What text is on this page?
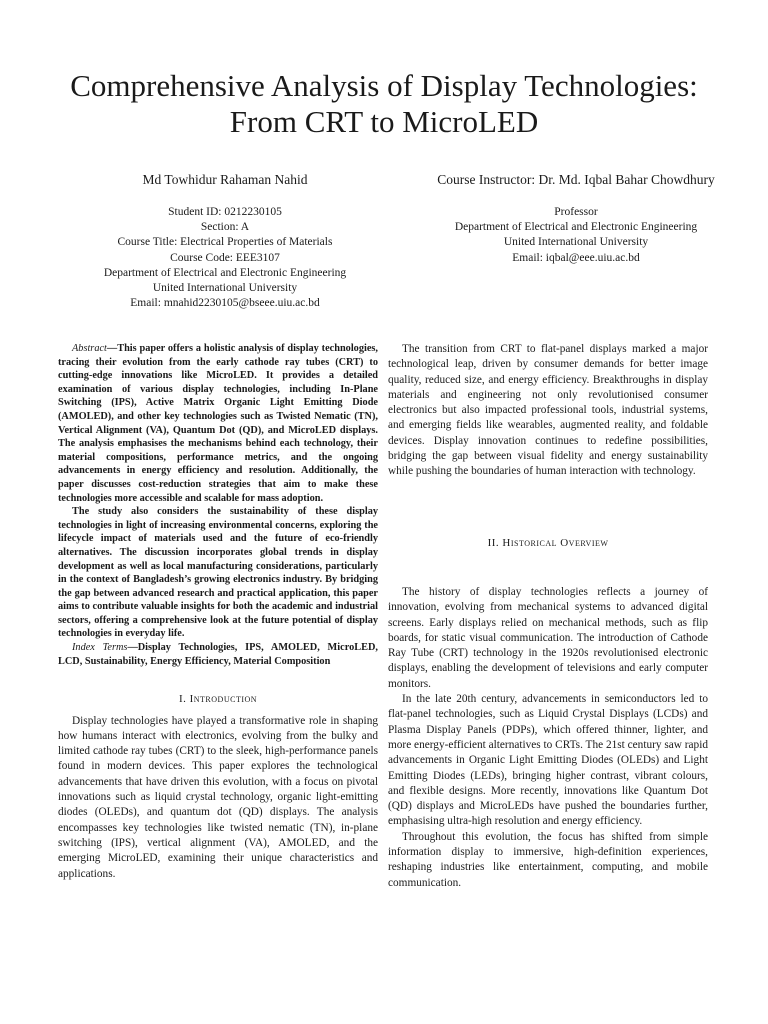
Comprehensive Analysis of Display Technologies:
From CRT to MicroLED
Md Towhidur Rahaman Nahid
Student ID: 0212230105
Section: A
Course Title: Electrical Properties of Materials
Course Code: EEE3107
Department of Electrical and Electronic Engineering
United International University
Email: mnahid2230105@bseee.uiu.ac.bd
Course Instructor: Dr. Md. Iqbal Bahar Chowdhury
Professor
Department of Electrical and Electronic Engineering
United International University
Email: iqbal@eee.uiu.ac.bd

Abstract—This paper offers a holistic analysis of display technologies, tracing their evolution from the early cathode ray tubes (CRT) to cutting-edge innovations like MicroLED. It provides a detailed examination of various display technologies, including In-Plane Switching (IPS), Active Matrix Organic Light Emitting Diode (AMOLED), and other key technologies such as Twisted Nematic (TN), Vertical Alignment (VA), Quantum Dot (QD), and MicroLED displays. The analysis emphasises the mechanisms behind each technology, their material compositions, performance metrics, and the ongoing advancements in energy efficiency and resolution. Additionally, the paper discusses cost-reduction strategies that aim to make these technologies more accessible and scalable for mass adoption.

The study also considers the sustainability of these display technologies in light of increasing environmental concerns, exploring the lifecycle impact of materials used and the future of eco-friendly alternatives. The discussion incorporates global trends in display development as well as local manufacturing considerations, particularly in the context of Bangladesh’s growing electronics industry. By bridging the gap between advanced research and practical application, this paper aims to contribute valuable insights for both the academic and industrial sectors, offering a comprehensive look at the future potential of display technologies in everyday life.

Index Terms—Display Technologies, IPS, AMOLED, MicroLED, LCD, Sustainability, Energy Efficiency, Material Composition

I. Introduction

Display technologies have played a transformative role in shaping how humans interact with electronics, evolving from the bulky and limited cathode ray tubes (CRT) to the sleek, high-performance panels found in modern devices. This paper explores the technological advancements that have driven this evolution, with a focus on pivotal innovations such as liquid crystal technology, organic light-emitting diodes (OLEDs), and quantum dot (QD) displays. The analysis encompasses key technologies like twisted nematic (TN), in-plane switching (IPS), vertical alignment (VA), AMOLED, and the emerging MicroLED, examining their unique characteristics and applications.

The transition from CRT to flat-panel displays marked a major technological leap, driven by consumer demands for better image quality, reduced size, and energy efficiency. Breakthroughs in display materials and engineering not only revolutionised consumer electronics but also impacted professional tools, industrial systems, and emerging fields like wearables, augmented reality, and foldable devices. Display innovation continues to redefine possibilities, bridging the gap between visual fidelity and energy sustainability while pushing the boundaries of human interaction with technology.

II. Historical Overview

The history of display technologies reflects a journey of innovation, evolving from mechanical systems to advanced digital screens. Early displays relied on mechanical methods, such as flip boards, for static visual communication. The introduction of Cathode Ray Tube (CRT) technology in the 1920s revolutionised electronic displays, enabling the development of televisions and early computer monitors.

In the late 20th century, advancements in semiconductors led to flat-panel technologies, such as Liquid Crystal Displays (LCDs) and Plasma Display Panels (PDPs), which offered thinner, lighter, and more energy-efficient alternatives to CRTs. The 21st century saw rapid advancements in Organic Light Emitting Diodes (OLEDs) and Light Emitting Diodes (LEDs), bringing higher contrast, vibrant colours, and flexible designs. More recently, innovations like Quantum Dot (QD) displays and MicroLEDs have pushed the boundaries further, emphasising ultra-high resolution and energy efficiency.

Throughout this evolution, the focus has shifted from simple information display to immersive, high-definition experiences, reshaping industries like entertainment, computing, and mobile communication.
